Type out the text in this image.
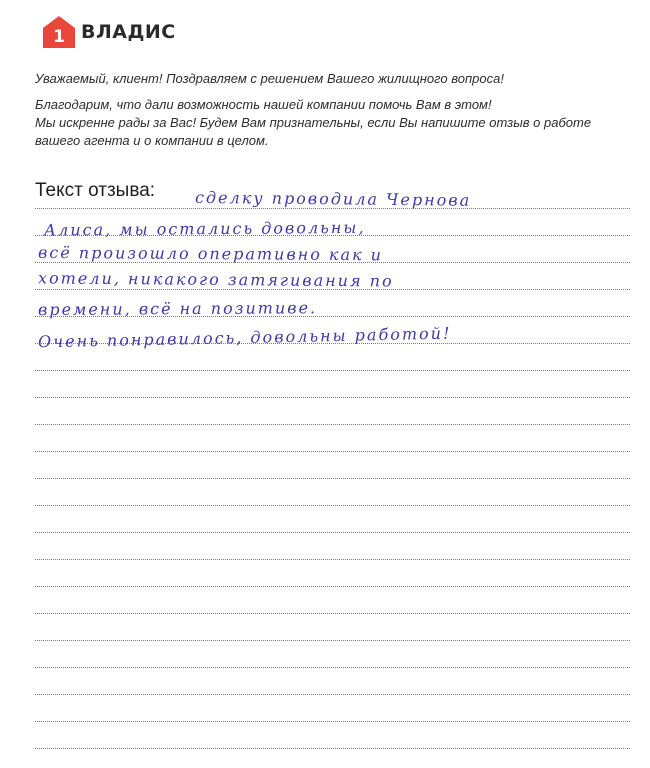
1 ВЛАДИС

Уважаемый, клиент! Поздравляем с решением Вашего жилищного вопроса!

Благодарим, что дали возможность нашей компании помочь Вам в этом!
Мы искренне рады за Вас! Будем Вам признательны, если Вы напишите отзыв о работе
вашего агента и о компании в целом.

Текст отзыва: сделку проводила Чернова
Алиса, мы остались довольны,
всё произошло оперативно как и
хотели, никакого затягивания по
времени, всё на позитиве.
Очень понравилось, довольны работой!
